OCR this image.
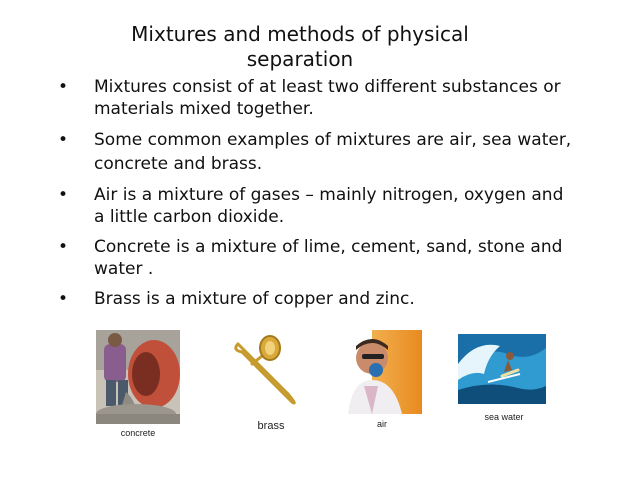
Mixtures and methods of physical
separation
•	Mixtures consist of at least two different substances or materials mixed together.
•	Some common examples of mixtures are air, sea water, concrete and brass.
•	Air is a mixture of gases – mainly nitrogen, oxygen and a little carbon dioxide.
•	Concrete is a mixture of lime, cement, sand, stone and water .
•	Brass is a mixture of copper and zinc.
concrete
brass	air
sea water
